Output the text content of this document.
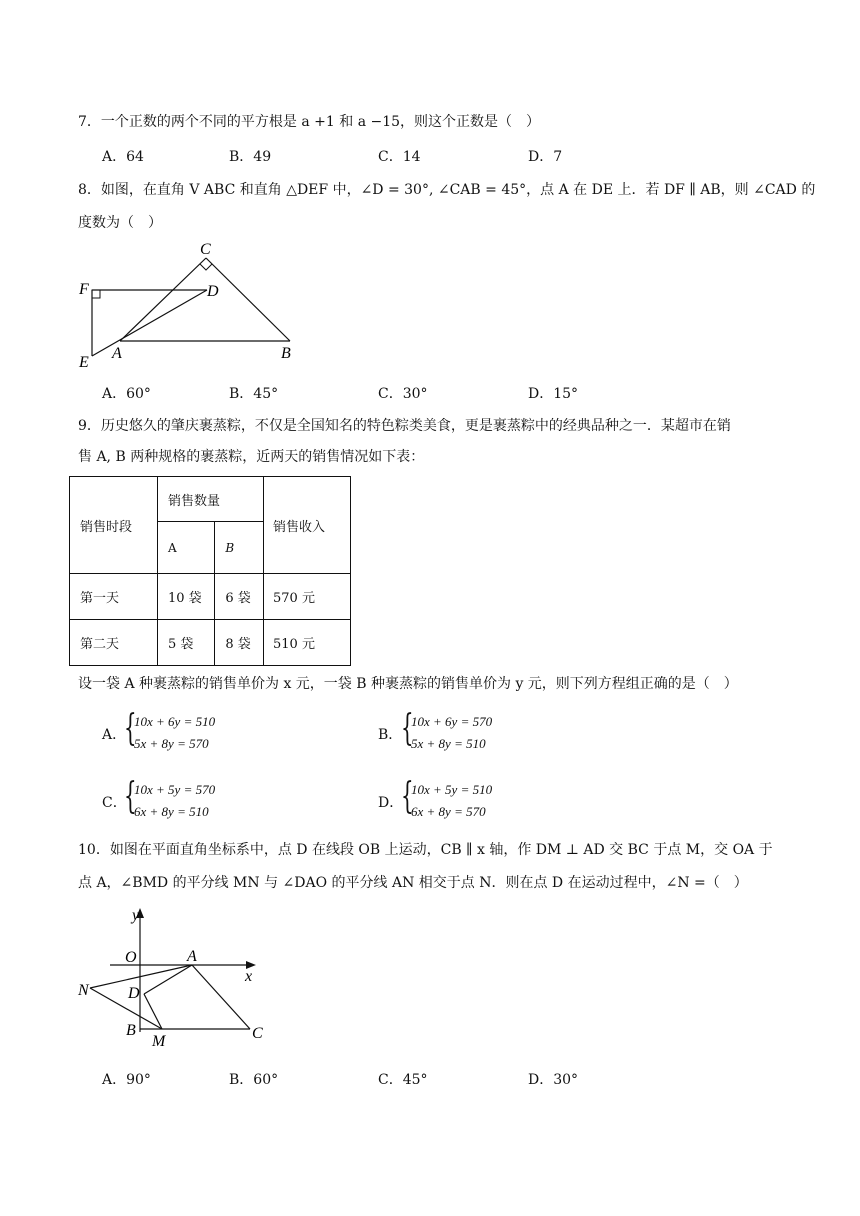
7．一个正数的两个不同的平方根是 a +1 和 a −15，则这个正数是（　）
A．64	B．49	C．14	D．7
8．如图，在直角 V ABC 和直角 △DEF 中，∠D = 30°, ∠CAB = 45°，点 A 在 DE 上．若 DF ∥ AB，则 ∠CAD 的
度数为（　）
C
F	D
E
A	B
A．60°	B．45°	C．30°	D．15°
9．历史悠久的肇庆裹蒸粽，不仅是全国知名的特色粽类美食，更是裹蒸粽中的经典品种之一．某超市在销
售 A, B 两种规格的裹蒸粽，近两天的销售情况如下表：
销售时段	销售数量		销售收入
	A	B	
第一天	10 袋	6 袋	570 元
第二天	5 袋	8 袋	510 元
设一袋 A 种裹蒸粽的销售单价为 x 元，一袋 B 种裹蒸粽的销售单价为 y 元，则下列方程组正确的是（　）
A．
{
10x + 6y = 510
5x + 8y = 570
B．
{
10x + 6y = 570
5x + 8y = 510
C．
{
10x + 5y = 570
6x + 8y = 510
D．
{
10x + 5y = 510
6x + 8y = 570
10．如图在平面直角坐标系中，点 D 在线段 OB 上运动，CB ∥ x 轴，作 DM ⊥ AD 交 BC 于点 M，交 OA 于
点 A，∠BMD 的平分线 MN 与 ∠DAO 的平分线 AN 相交于点 N．则在点 D 在运动过程中，∠N =（　）
y
O	A
x
N D
B
M	C
A．90°	B．60°	C．45°	D．30°
